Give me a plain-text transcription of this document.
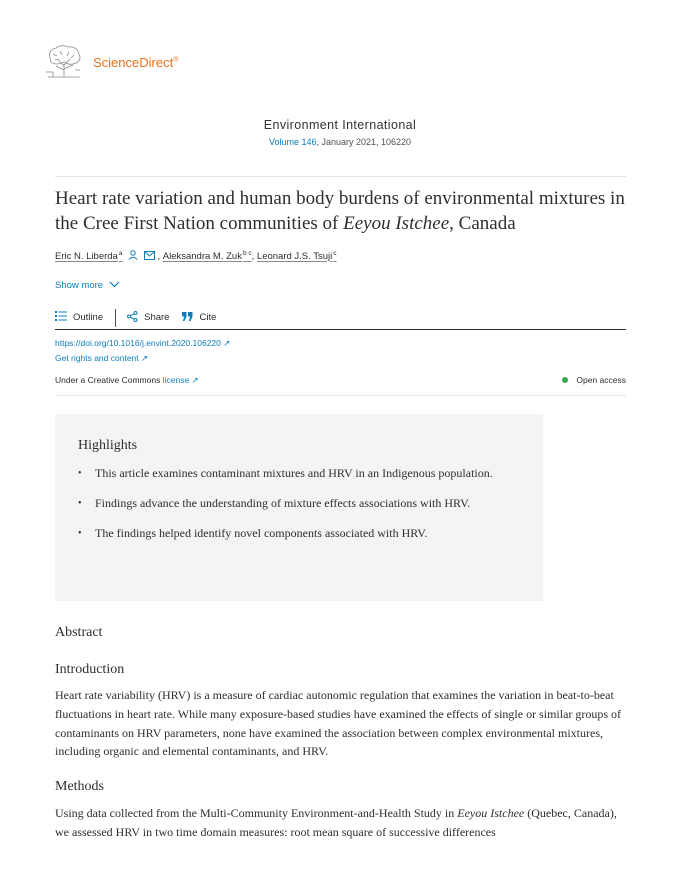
ScienceDirect®
Environment International
Volume 146, January 2021, 106220
Heart rate variation and human body burdens of environmental mixtures in the Cree First Nation communities of Eeyou Istchee, Canada
Eric N. Liberda$^a$	, Aleksandra M. Zuk$^{b c}$ , Leonard J.S. Tsuji$^c$
Show more
Outline	Share	Cite
https://doi.org/10.1016/j.envint.2020.106220 ↗
Get rights and content ↗
Under a Creative Commons license ↗	Open access
Highlights
• This article examines contaminant mixtures and HRV in an Indigenous population.
• Findings advance the understanding of mixture effects associations with HRV.
• The findings helped identify novel components associated with HRV.
Abstract
Introduction

Heart rate variability (HRV) is a measure of cardiac autonomic regulation that examines the variation in beat-to-beat fluctuations in heart rate. While many exposure-based studies have examined the effects of single or similar groups of contaminants on HRV parameters, none have examined the association between complex environmental mixtures, including organic and elemental contaminants, and HRV.

Methods

Using data collected from the Multi-Community Environment-and-Health Study in Eeyou Istchee (Quebec, Canada), we assessed HRV in two time domain measures: root mean square of successive differences
